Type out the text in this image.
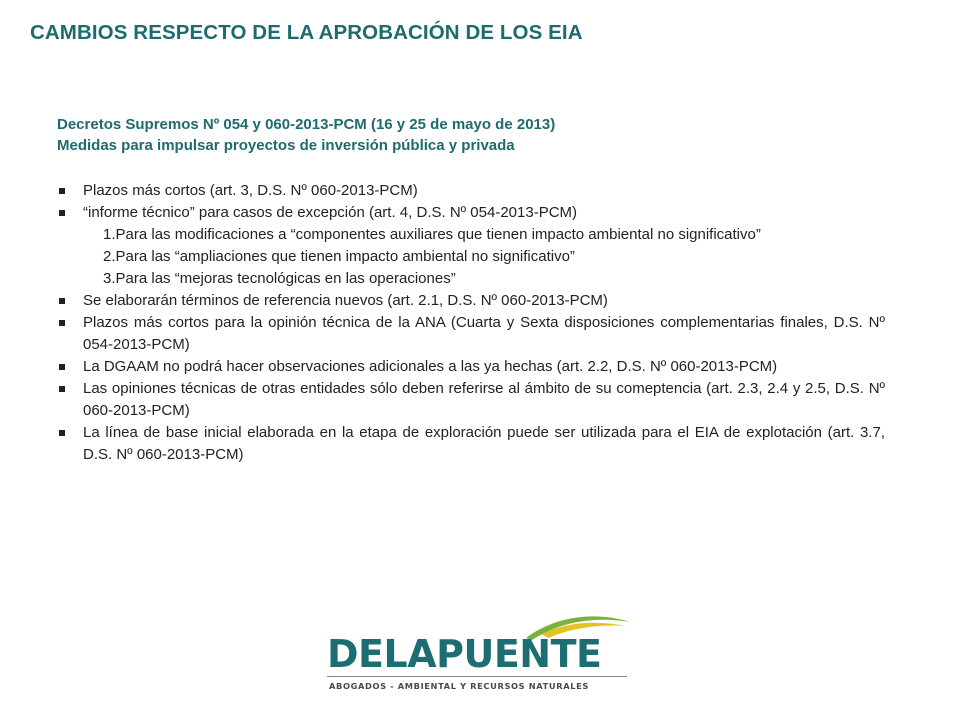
CAMBIOS RESPECTO DE LA APROBACIÓN DE LOS EIA
Decretos Supremos Nº 054 y 060-2013-PCM (16 y 25 de mayo de 2013)
Medidas para impulsar proyectos de inversión pública y privada
Plazos más cortos (art. 3, D.S. Nº 060-2013-PCM)
“informe técnico” para casos de excepción (art. 4, D.S. Nº 054-2013-PCM)
1.Para las modificaciones a “componentes auxiliares que tienen impacto ambiental no significativo”
2.Para las “ampliaciones que tienen impacto ambiental no significativo”
3.Para las “mejoras tecnológicas en las operaciones”
Se elaborarán términos de referencia nuevos (art. 2.1, D.S. Nº 060-2013-PCM)
Plazos más cortos para la opinión técnica de la ANA (Cuarta y Sexta disposiciones complementarias finales, D.S. Nº 054-2013-PCM)
La DGAAM no podrá hacer observaciones adicionales a las ya hechas (art. 2.2, D.S. Nº 060-2013-PCM)
Las opiniones técnicas de otras entidades sólo deben referirse al ámbito de su comeptencia (art. 2.3, 2.4 y 2.5, D.S. Nº 060-2013-PCM)
La línea de base inicial elaborada en la etapa de exploración puede ser utilizada para el EIA de explotación (art. 3.7, D.S. Nº 060-2013-PCM)
DELAPUENTE
ABOGADOS - AMBIENTAL Y RECURSOS NATURALES
